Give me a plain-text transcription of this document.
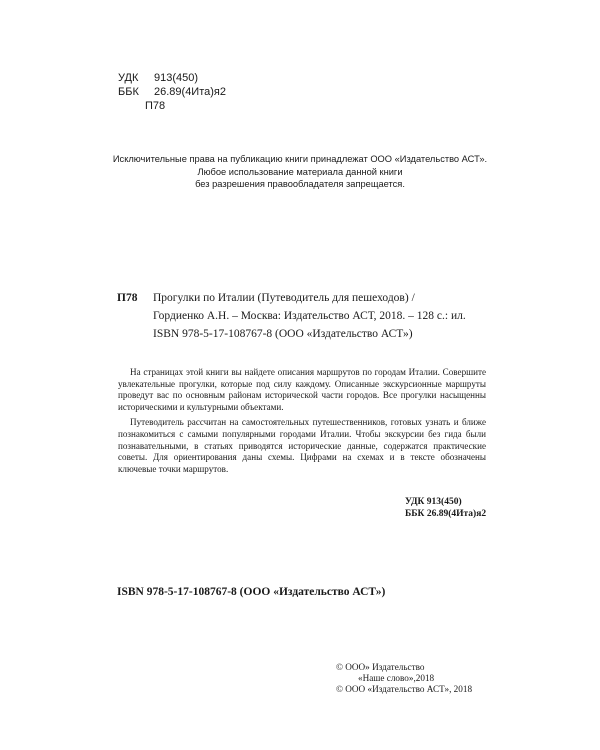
УДК 913(450)
ББК 26.89(4Ита)я2
П78
Исключительные права на публикацию книги принадлежат ООО «Издательство АСТ».
Любое использование материала данной книги
без разрешения правообладателя запрещается.
П78 Прогулки по Италии (Путеводитель для пешеходов) /
Гордиенко А.Н. – Москва: Издательство АСТ, 2018. – 128 с.: ил.
ISBN 978-5-17-108767-8 (ООО «Издательство АСТ»)

На страницах этой книги вы найдете описания маршрутов по городам Италии. Совершите увлекательные прогулки, которые под силу каждому. Описанные экскурсионные маршруты проведут вас по основным районам исторической части городов. Все прогулки насыщенны историческими и культурными объектами.

Путеводитель рассчитан на самостоятельных путешественников, готовых узнать и ближе познакомиться с самыми популярными городами Италии. Чтобы экскурсии без гида были познавательными, в статьях приводятся исторические данные, содержатся практические советы. Для ориентирования даны схемы. Цифрами на схемах и в тексте обозначены ключевые точки маршрутов.

УДК 913(450)
ББК 26.89(4Ита)я2
ISBN 978-5-17-108767-8 (ООО «Издательство АСТ»)
© ООО» Издательство
«Наше слово»,2018
© ООО «Издательство АСТ», 2018
